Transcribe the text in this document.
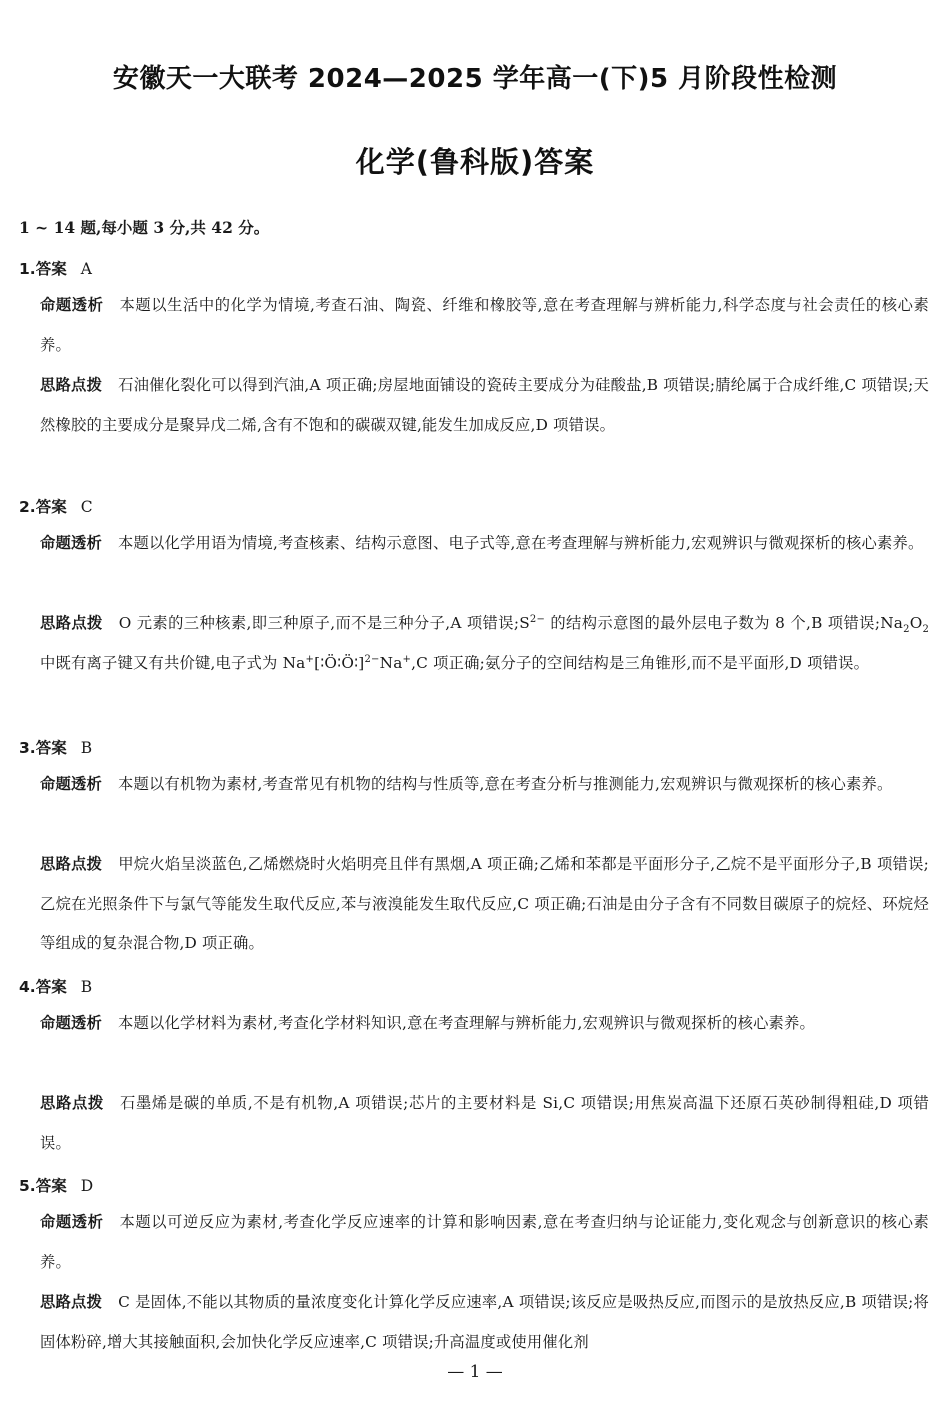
安徽天一大联考 2024—2025 学年高一(下)5 月阶段性检测
化学(鲁科版)答案
1 ~ 14 题,每小题 3 分,共 42 分。
1.答案 A
命题透析 本题以生活中的化学为情境,考查石油、陶瓷、纤维和橡胶等,意在考查理解与辨析能力,科学态度与社会责任的核心素养。
思路点拨 石油催化裂化可以得到汽油,A 项正确;房屋地面铺设的瓷砖主要成分为硅酸盐,B 项错误;腈纶属于合成纤维,C 项错误;天然橡胶的主要成分是聚异戊二烯,含有不饱和的碳碳双键,能发生加成反应,D 项错误。
2.答案 C
命题透析 本题以化学用语为情境,考查核素、结构示意图、电子式等,意在考查理解与辨析能力,宏观辨识与微观探析的核心素养。
思路点拨 O 元素的三种核素,即三种原子,而不是三种分子,A 项错误$;S^{2-}$ 的结构示意图的最外层电子数为 8 个,B 项错误$;Na_2O_2$ 中既有离子键又有共价键,电子式为 Na+[∶Ö∶Ö∶]$^{2-}$Na+,C 项正确;氨分子的空间结构是三角锥形,而不是平面形,D 项错误。
3.答案 B
命题透析 本题以有机物为素材,考查常见有机物的结构与性质等,意在考查分析与推测能力,宏观辨识与微观探析的核心素养。
思路点拨 甲烷火焰呈淡蓝色,乙烯燃烧时火焰明亮且伴有黑烟,A 项正确;乙烯和苯都是平面形分子,乙烷不是平面形分子,B 项错误;乙烷在光照条件下与氯气等能发生取代反应,苯与液溴能发生取代反应,C 项正确;石油是由分子含有不同数目碳原子的烷烃、环烷烃等组成的复杂混合物,D 项正确。
4.答案 B
命题透析 本题以化学材料为素材,考查化学材料知识,意在考查理解与辨析能力,宏观辨识与微观探析的核心素养。
思路点拨 石墨烯是碳的单质,不是有机物,A 项错误;芯片的主要材料是 Si,C 项错误;用焦炭高温下还原石英砂制得粗硅,D 项错误。
5.答案 D
命题透析 本题以可逆反应为素材,考查化学反应速率的计算和影响因素,意在考查归纳与论证能力,变化观念与创新意识的核心素养。
思路点拨 C 是固体,不能以其物质的量浓度变化计算化学反应速率,A 项错误;该反应是吸热反应,而图示的是放热反应,B 项错误;将固体粉碎,增大其接触面积,会加快化学反应速率,C 项错误;升高温度或使用催化剂
— 1 —
